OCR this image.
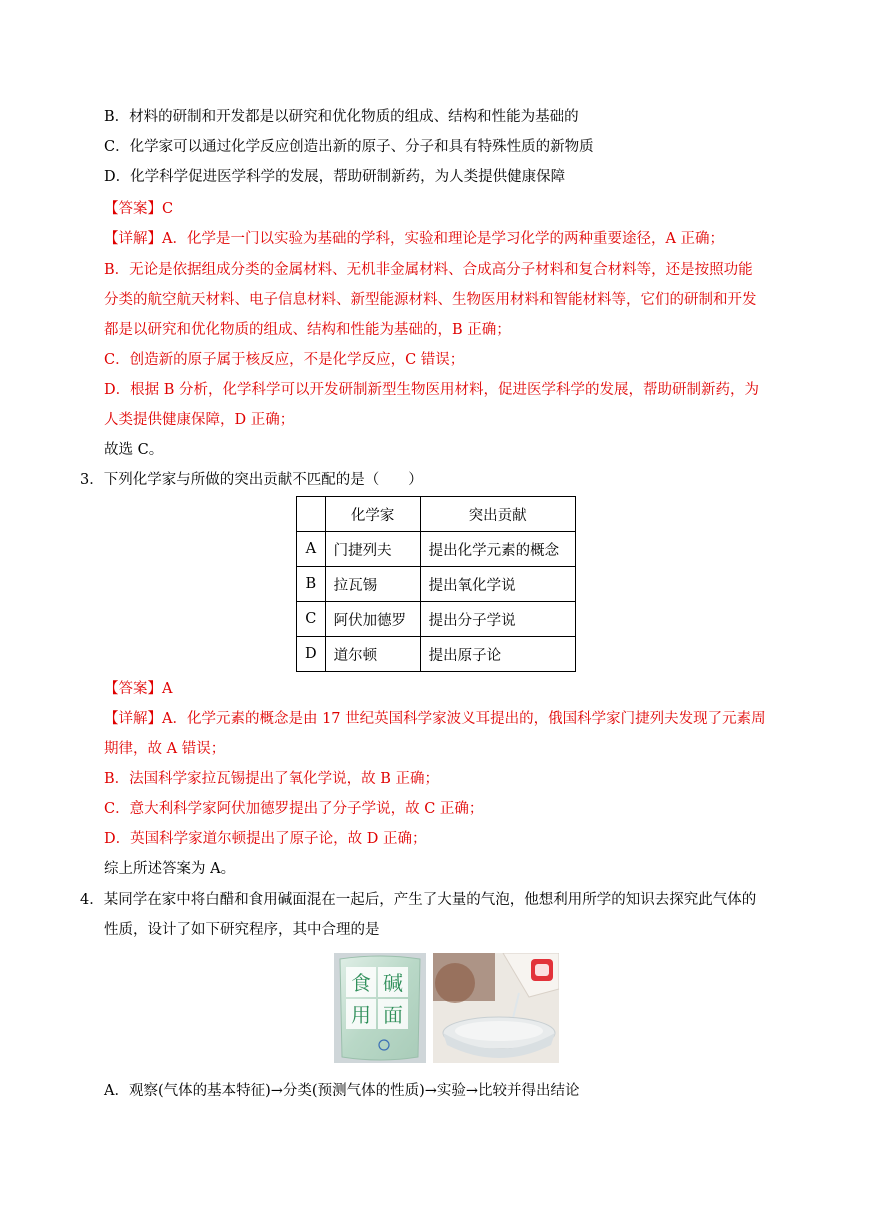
B．材料的研制和开发都是以研究和优化物质的组成、结构和性能为基础的
C．化学家可以通过化学反应创造出新的原子、分子和具有特殊性质的新物质
D．化学科学促进医学科学的发展，帮助研制新药，为人类提供健康保障
【答案】C
【详解】A．化学是一门以实验为基础的学科，实验和理论是学习化学的两种重要途径，A 正确；
B．无论是依据组成分类的金属材料、无机非金属材料、合成高分子材料和复合材料等，还是按照功能
分类的航空航天材料、电子信息材料、新型能源材料、生物医用材料和智能材料等，它们的研制和开发
都是以研究和优化物质的组成、结构和性能为基础的，B 正确；
C．创造新的原子属于核反应，不是化学反应，C 错误；
D．根据 B 分析，化学科学可以开发研制新型生物医用材料，促进医学科学的发展，帮助研制新药，为
人类提供健康保障，D 正确；
故选 C。
3．下列化学家与所做的突出贡献不匹配的是（　　）
	化学家	突出贡献
A	门捷列夫	提出化学元素的概念
B	拉瓦锡	提出氧化学说
C	阿伏加德罗	提出分子学说
D	道尔顿	提出原子论
【答案】A
【详解】A．化学元素的概念是由 17 世纪英国科学家波义耳提出的，俄国科学家门捷列夫发现了元素周
期律，故 A 错误；
B．法国科学家拉瓦锡提出了氧化学说，故 B 正确；
C．意大利科学家阿伏加德罗提出了分子学说，故 C 正确；
D．英国科学家道尔顿提出了原子论，故 D 正确；
综上所述答案为 A。
4．某同学在家中将白醋和食用碱面混在一起后，产生了大量的气泡，他想利用所学的知识去探究此气体的
性质，设计了如下研究程序，其中合理的是
食 碱
用 面
A．观察(气体的基本特征)→分类(预测气体的性质)→实验→比较并得出结论
